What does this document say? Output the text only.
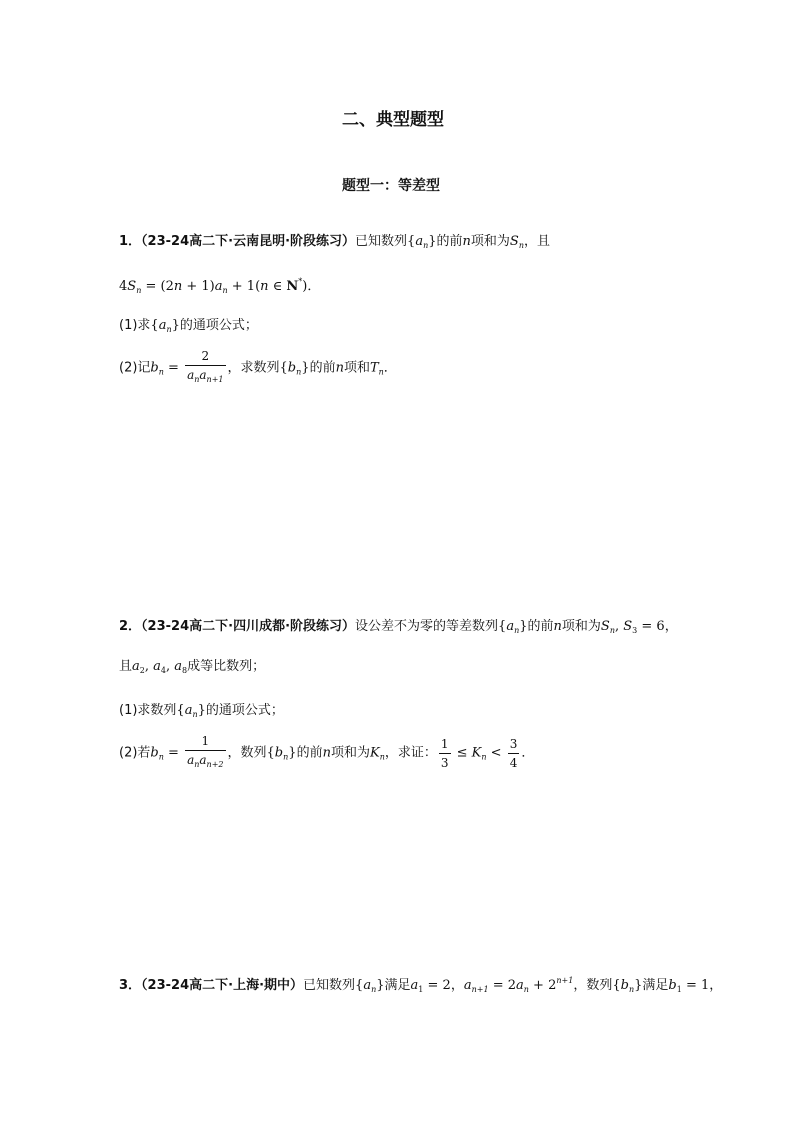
二、典型题型
题型一：等差型
1．（23-24高二下·云南昆明·阶段练习）已知数列$\{a_n\}$的前n项和为$S_n$，且
$4S_n = (2n + 1)a_n + 1(n$ ∈ N*)．
(1)求$\{a_n\}$的通项公式；
(2)记$b_n = \frac{2}{a_na_{n+1}}$ ，求数列$\{b_n\}$的前n项和$T_n$．
2．（23-24高二下·四川成都·阶段练习）设公差不为零的等差数列$\{a_n\}$的前n项和为$S_n$, $S_3 = 6$，
且$a_2$, $a_4$, $a_8$成等比数列；
(1)求数列$\{a_n\}$的通项公式；
(2)若$b_n = \frac{1}{a_na_{n+2}}$ ，数列$\{b_n\}$的前n项和为$K_n$，求证： $\frac{1}{3} \le K_n < \frac{3}{4}$ ．
3．（23-24高二下·上海·期中）已知数列$\{a_n\}$满足$a_1 = 2$，$a_{n+1} = 2a_n + 2^{n+1}$，数列$\{b_n\}$满足$b_1 = 1$，
